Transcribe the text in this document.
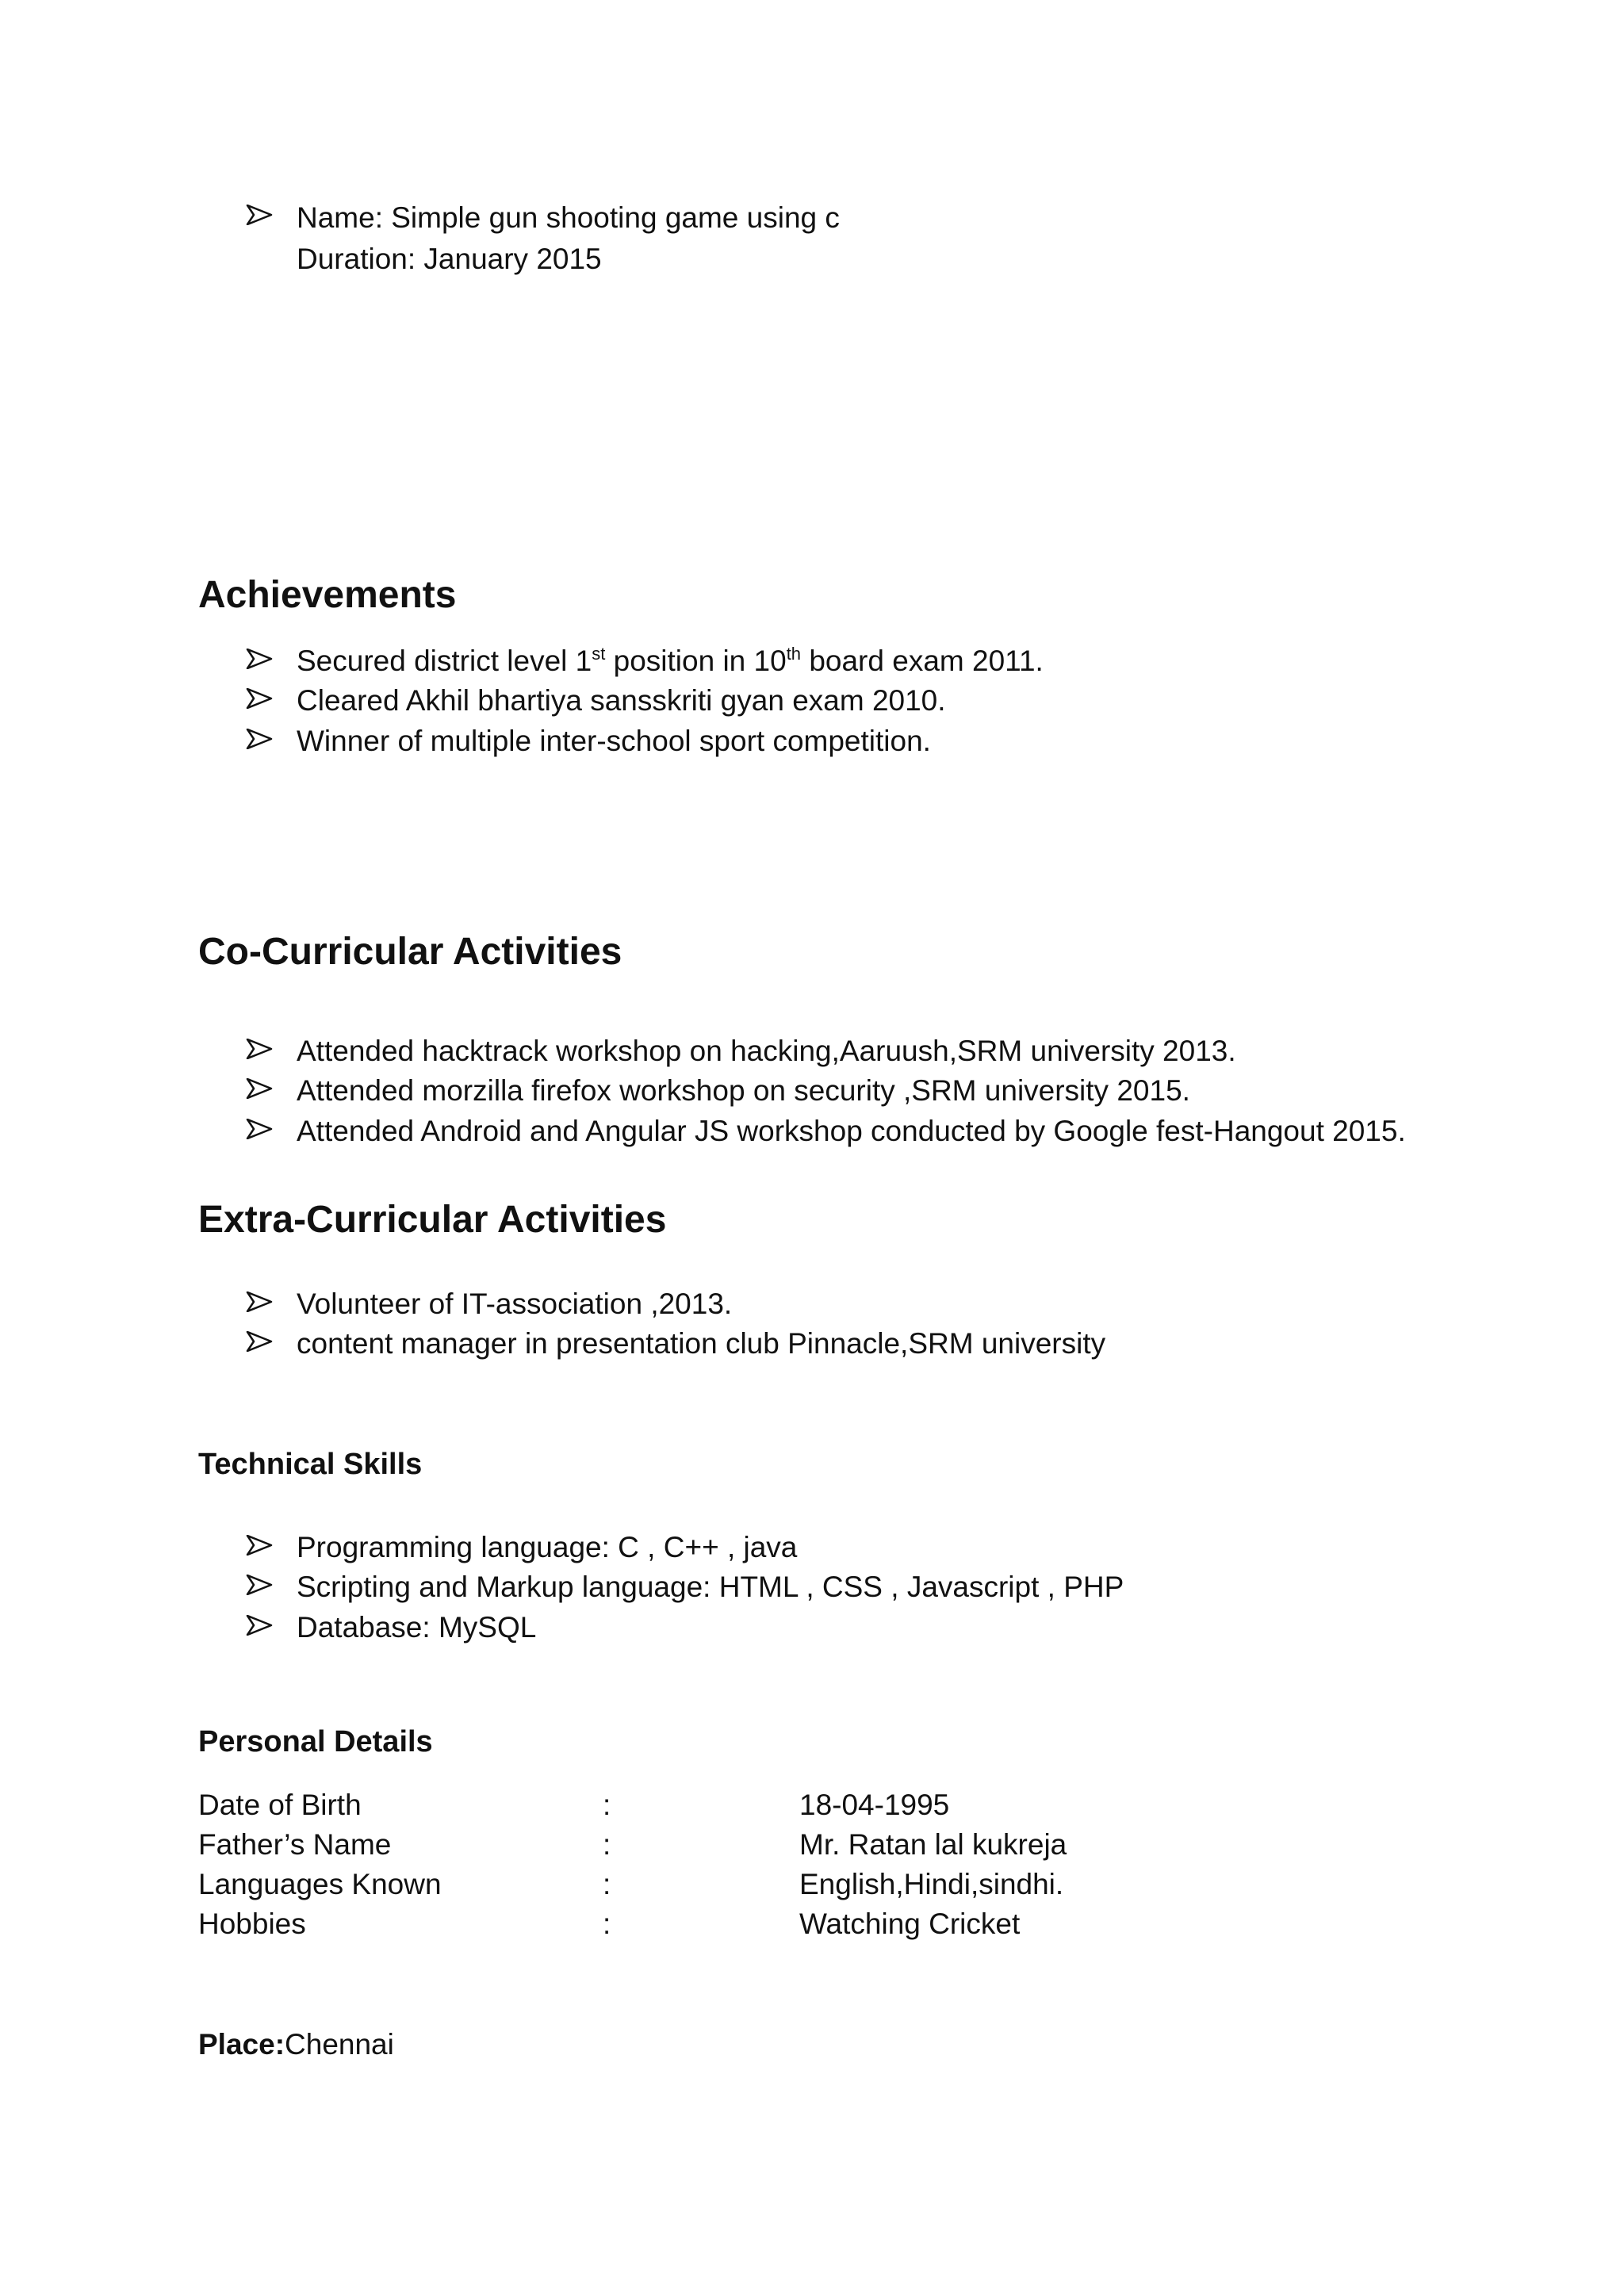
Name: Simple gun shooting game using c
Duration: January 2015
Achievements
Secured district level 1st position in 10th board exam 2011.
Cleared Akhil bhartiya sansskriti gyan exam 2010.
Winner of multiple inter-school sport competition.
Co-Curricular Activities
Attended hacktrack workshop on hacking,Aaruush,SRM university 2013.
Attended morzilla firefox workshop on security ,SRM university 2015.
Attended Android and Angular JS workshop conducted by Google fest-Hangout 2015.
Extra-Curricular Activities
Volunteer of IT-association ,2013.
content manager in presentation club Pinnacle,SRM university
Technical Skills
Programming language: C , C++ , java
Scripting and Markup language: HTML , CSS , Javascript , PHP
Database: MySQL
Personal Details
Date of Birth	:	18-04-1995
Father’s Name	:	Mr. Ratan lal kukreja
Languages Known	:	English,Hindi,sindhi.
Hobbies	:	Watching Cricket
Place:Chennai
